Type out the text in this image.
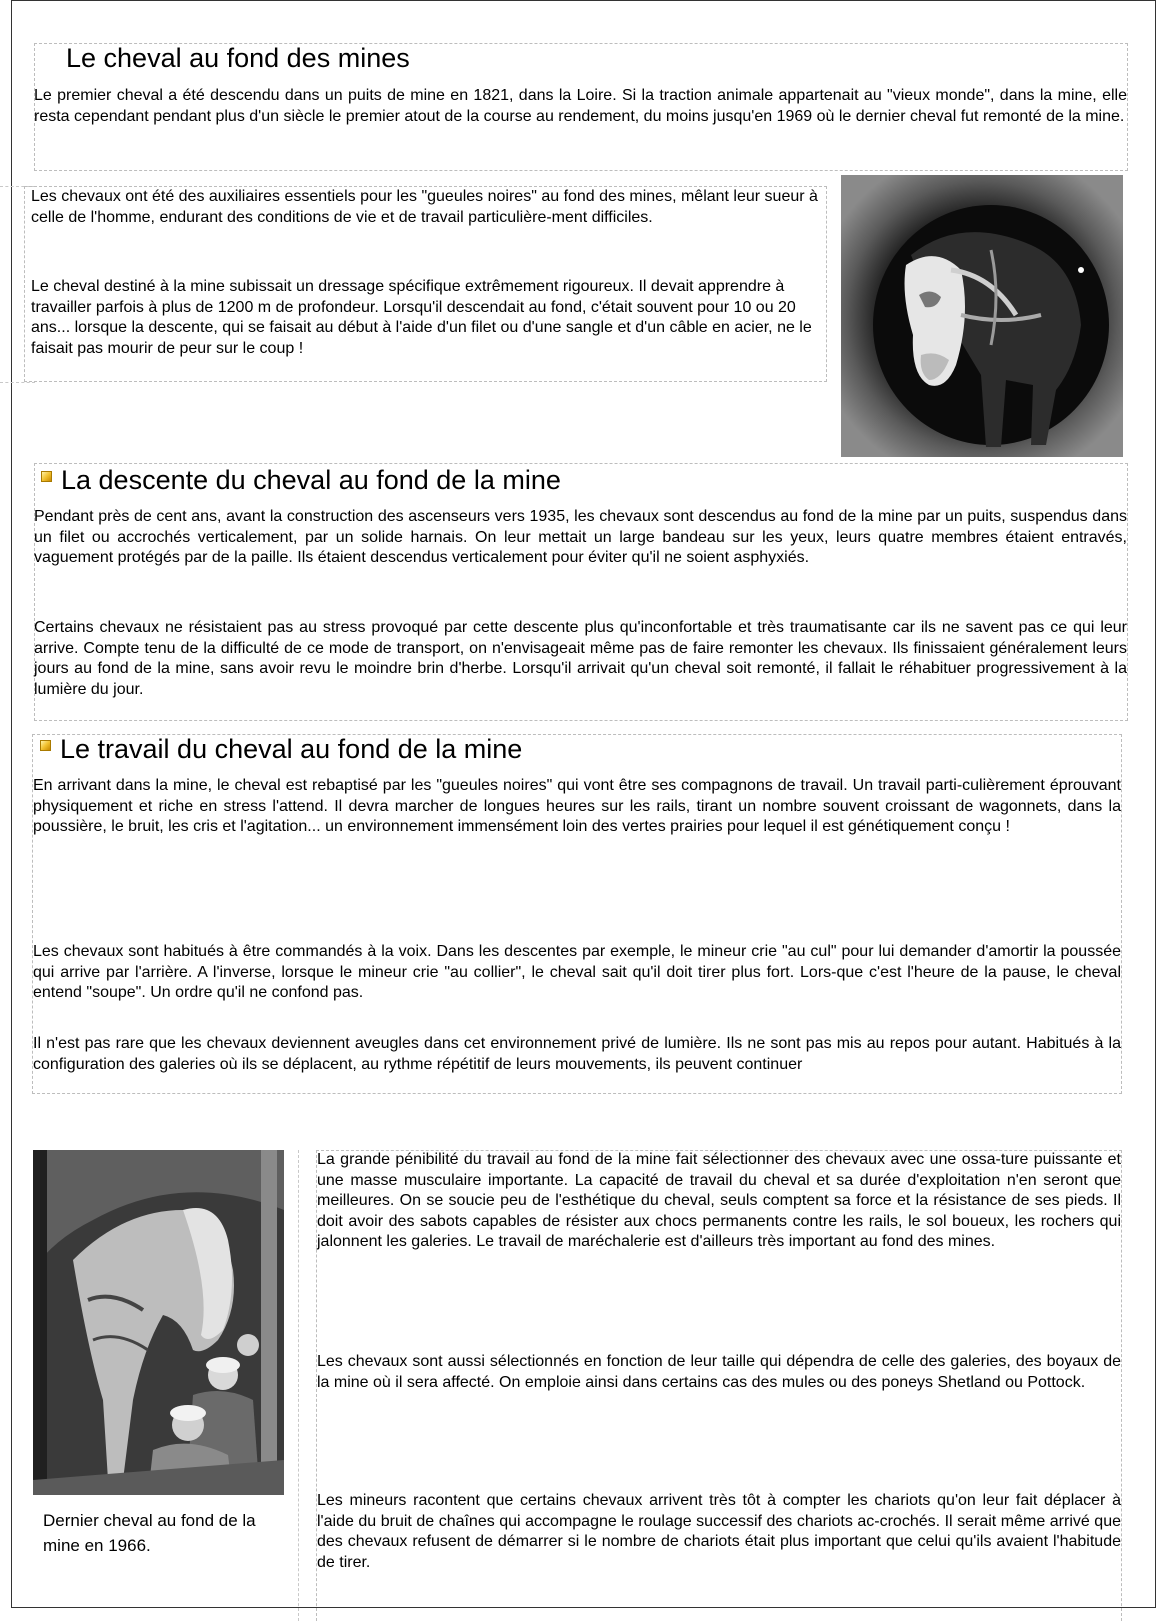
Le cheval au fond des mines

Le premier cheval a été descendu dans un puits de mine en 1821, dans la Loire. Si la traction animale appartenait au "vieux monde", dans la mine, elle resta cependant pendant plus d'un siècle le premier atout de la course au rendement, du moins jusqu'en 1969 où le dernier cheval fut remonté de la mine.

Les chevaux ont été des auxiliaires essentiels pour les "gueules noires" au fond des mines, mêlant leur sueur à celle de l'homme, endurant des conditions de vie et de travail particulière-ment difficiles.

Le cheval destiné à la mine subissait un dressage spécifique extrêmement rigoureux. Il devait apprendre à travailler parfois à plus de 1200 m de profondeur. Lorsqu'il descendait au fond, c'était souvent pour 10 ou 20 ans... lorsque la descente, qui se faisait au début à l'aide d'un filet ou d'une sangle et d'un câble en acier, ne le faisait pas mourir de peur sur le coup !

La descente du cheval au fond de la mine

Pendant près de cent ans, avant la construction des ascenseurs vers 1935, les chevaux sont descendus au fond de la mine par un puits, suspendus dans un filet ou accrochés verticalement, par un solide harnais. On leur mettait un large bandeau sur les yeux, leurs quatre membres étaient entravés, vaguement protégés par de la paille. Ils étaient descendus verticalement pour éviter qu'il ne soient asphyxiés.

Certains chevaux ne résistaient pas au stress provoqué par cette descente plus qu'inconfortable et très traumatisante car ils ne savent pas ce qui leur arrive. Compte tenu de la difficulté de ce mode de transport, on n'envisageait même pas de faire remonter les chevaux. Ils finissaient généralement leurs jours au fond de la mine, sans avoir revu le moindre brin d'herbe. Lorsqu'il arrivait qu'un cheval soit remonté, il fallait le réhabituer progressivement à la lumière du jour.

Le travail du cheval au fond de la mine

En arrivant dans la mine, le cheval est rebaptisé par les "gueules noires" qui vont être ses compagnons de travail. Un travail parti-culièrement éprouvant physiquement et riche en stress l'attend. Il devra marcher de longues heures sur les rails, tirant un nombre souvent croissant de wagonnets, dans la poussière, le bruit, les cris et l'agitation... un environnement immensément loin des vertes prairies pour lequel il est génétiquement conçu !

Les chevaux sont habitués à être commandés à la voix. Dans les descentes par exemple, le mineur crie "au cul" pour lui demander d'amortir la poussée qui arrive par l'arrière. A l'inverse, lorsque le mineur crie "au collier", le cheval sait qu'il doit tirer plus fort. Lors-que c'est l'heure de la pause, le cheval entend "soupe". Un ordre qu'il ne confond pas.

Il n'est pas rare que les chevaux deviennent aveugles dans cet environnement privé de lumière. Ils ne sont pas mis au repos pour autant. Habitués à la configuration des galeries où ils se déplacent, au rythme répétitif de leurs mouvements, ils peuvent continuer

Dernier cheval au fond de la mine en 1966.

La grande pénibilité du travail au fond de la mine fait sélectionner des chevaux avec une ossa-ture puissante et une masse musculaire importante. La capacité de travail du cheval et sa durée d'exploitation n'en seront que meilleures. On se soucie peu de l'esthétique du cheval, seuls comptent sa force et la résistance de ses pieds. Il doit avoir des sabots capables de résister aux chocs permanents contre les rails, le sol boueux, les rochers qui jalonnent les galeries. Le travail de maréchalerie est d'ailleurs très important au fond des mines.

Les chevaux sont aussi sélectionnés en fonction de leur taille qui dépendra de celle des galeries, des boyaux de la mine où il sera affecté. On emploie ainsi dans certains cas des mules ou des poneys Shetland ou Pottock.

Les mineurs racontent que certains chevaux arrivent très tôt à compter les chariots qu'on leur fait déplacer à l'aide du bruit de chaînes qui accompagne le roulage successif des chariots ac-crochés. Il serait même arrivé que des chevaux refusent de démarrer si le nombre de chariots était plus important que celui qu'ils avaient l'habitude de tirer.
